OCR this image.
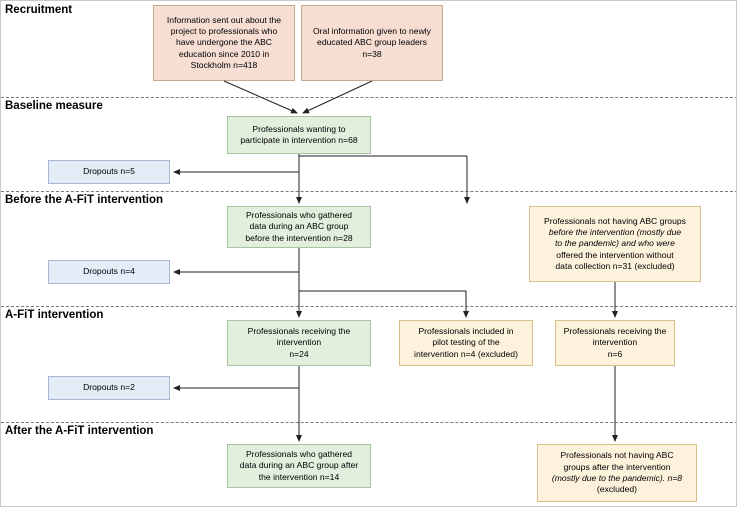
Recruitment
Baseline measure
Before the A-FiT intervention
A-FiT intervention
After the A-FiT intervention
Information sent out about the
project to professionals who
have undergone the ABC
education since 2010 in
Stockholm n=418
Oral information given to newly
educated ABC group leaders
n=38
Professionals wanting to
participate in intervention n=68
Dropouts n=5
Professionals who gathered
data during an ABC group
before the intervention n=28
Professionals not having ABC groups
before the intervention (mostly due
to the pandemic) and who were
offered the intervention without
data collection n=31 (excluded)
Dropouts n=4
Professionals receiving the
intervention
n=24
Professionals included in
pilot testing of the
intervention n=4 (excluded)
Professionals receiving the
intervention
n=6
Dropouts n=2
Professionals who gathered
data during an ABC group after
the intervention n=14
Professionals not having ABC
groups after the intervention
(mostly due to the pandemic). n=8
(excluded)
